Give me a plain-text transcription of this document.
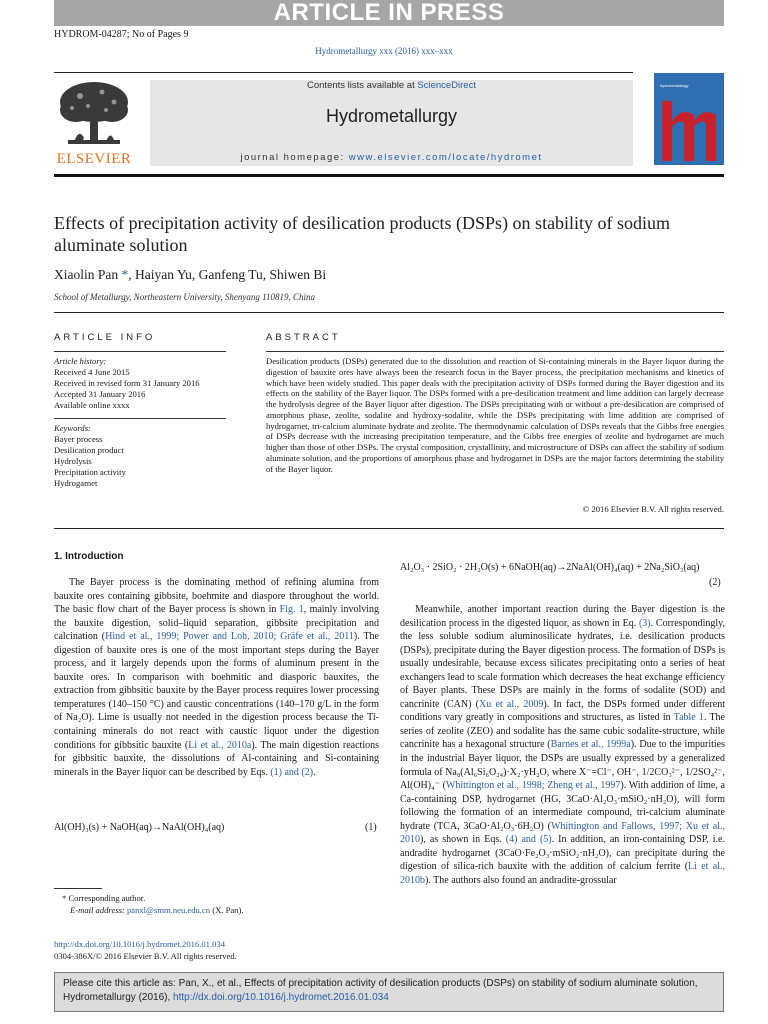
ARTICLE IN PRESS
HYDROM-04287; No of Pages 9
Hydrometallurgy xxx (2016) xxx–xxx
ELSEVIER
Contents lists available at ScienceDirect
Hydrometallurgy
journal homepage: www.elsevier.com/locate/hydromet
hydrometallurgy
Effects of precipitation activity of desilication products (DSPs) on stability of sodium aluminate solution
Xiaolin Pan *, Haiyan Yu, Ganfeng Tu, Shiwen Bi
School of Metallurgy, Northeastern University, Shenyang 110819, China
ARTICLE INFO	ABSTRACT
Article history:
Received 4 June 2015
Received in revised form 31 January 2016
Accepted 31 January 2016
Available online xxxx
Keywords:
Bayer process
Desilication product
Hydrolysis
Precipitation activity
Hydrogarnet
Desilication products (DSPs) generated due to the dissolution and reaction of Si-containing minerals in the Bayer liquor during the digestion of bauxite ores have always been the research focus in the Bayer process, the precipitation mechanisms and kinetics of which have been widely studied. This paper deals with the precipitation activity of DSPs formed during the Bayer digestion and its effects on the stability of the Bayer liquor. The DSPs formed with a pre-desilication treatment and lime addition can largely decrease the hydrolysis degree of the Bayer liquor after digestion. The DSPs precipitating with or without a pre-desilication are comprised of amorphous phase, zeolite, sodalite and hydroxy-sodalite, while the DSPs precipitating with lime addition are comprised of hydrogarnet, tri-calcium aluminate hydrate and zeolite. The thermodynamic calculation of DSPs reveals that the Gibbs free energies of DSPs decrease with the increasing precipitation temperature, and the Gibbs free energies of zeolite and hydrogarnet are much higher than those of other DSPs. The crystal composition, crystallinity, and microstructure of DSPs can affect the stability of sodium aluminate solution, and the proportions of amorphous phase and hydrogarnet in DSPs are the major factors determining the stability of the Bayer liquor.
© 2016 Elsevier B.V. All rights reserved.
1. Introduction

The Bayer process is the dominating method of refining alumina from bauxite ores containing gibbsite, boehmite and diaspore throughout the world. The basic flow chart of the Bayer process is shown in Fig. 1, mainly involving the bauxite digestion, solid–liquid separation, gibbsite precipitation and calcination (Hind et al., 1999; Power and Loh, 2010; Gräfe et al., 2011). The digestion of bauxite ores is one of the most important steps during the Bayer process, and it largely depends upon the forms of aluminum present in the bauxite ores. In comparison with boehmitic and diasporic bauxites, the extraction from gibbsitic bauxite by the Bayer process requires lower processing temperatures (140–150 °C) and caustic concentrations (140–170 g/L in the form of Na₂O). Lime is usually not needed in the digestion process because the Ti-containing minerals do not react with caustic liquor under the digestion conditions for gibbsitic bauxite (Li et al., 2010a). The main digestion reactions for gibbsitic bauxite, the dissolutions of Al-containing and Si-containing minerals in the Bayer liquor can be described by Eqs. (1) and (2).

Al(OH)₃(s) + NaOH(aq)→NaAl(OH)₄(aq)	(1)
Al₂O₃ · 2SiO₂ · 2H₂O(s) + 6NaOH(aq)→2NaAl(OH)₄(aq) + 2Na₂SiO₃(aq)
(2)

Meanwhile, another important reaction during the Bayer digestion is the desilication process in the digested liquor, as shown in Eq. (3). Correspondingly, the less soluble sodium aluminosilicate hydrates, i.e. desilication products (DSPs), precipitate during the Bayer digestion process. The formation of DSPs is usually undesirable, because excess silicates precipitating onto a series of heat exchangers lead to scale formation which decreases the heat exchange efficiency of Bayer plants. These DSPs are mainly in the forms of sodalite (SOD) and cancrinite (CAN) (Xu et al., 2009). In fact, the DSPs formed under different conditions vary greatly in compositions and structures, as listed in Table 1. The series of zeolite (ZEO) and sodalite has the same cubic sodalite-structure, while cancrinite has a hexagonal structure (Barnes et al., 1999a). Due to the impurities in the industrial Bayer liquor, the DSPs are usually expressed by a generalized formula of Na₈(Al₆Si₆O₂₄)·X₂·yH₂O, where X⁻=Cl⁻, OH⁻, 1/2CO₃²⁻, 1/2SO₄²⁻, Al(OH)₄⁻ (Whittington et al., 1998; Zheng et al., 1997). With addition of lime, a Ca-containing DSP, hydrogarnet (HG, 3CaO·Al₂O₃·mSiO₂·nH₂O), will form following the formation of an intermediate compound, tri-calcium aluminate hydrate (TCA, 3CaO·Al₂O₃·6H₂O) (Whittington and Fallows, 1997; Xu et al., 2010), as shown in Eqs. (4) and (5). In addition, an iron-containing DSP, i.e. andradite hydrogarnet (3CaO·Fe₂O₃·mSiO₂·nH₂O), can precipitate during the digestion of silica-rich bauxite with the addition of calcium ferrite (Li et al., 2010b). The authors also found an andradite-grossular

* Corresponding author.
E-mail address: panxl@smm.neu.edu.cn (X. Pan).
http://dx.doi.org/10.1016/j.hydromet.2016.01.034
0304-386X/© 2016 Elsevier B.V. All rights reserved.
Please cite this article as: Pan, X., et al., Effects of precipitation activity of desilication products (DSPs) on stability of sodium aluminate solution, Hydrometallurgy (2016), http://dx.doi.org/10.1016/j.hydromet.2016.01.034
